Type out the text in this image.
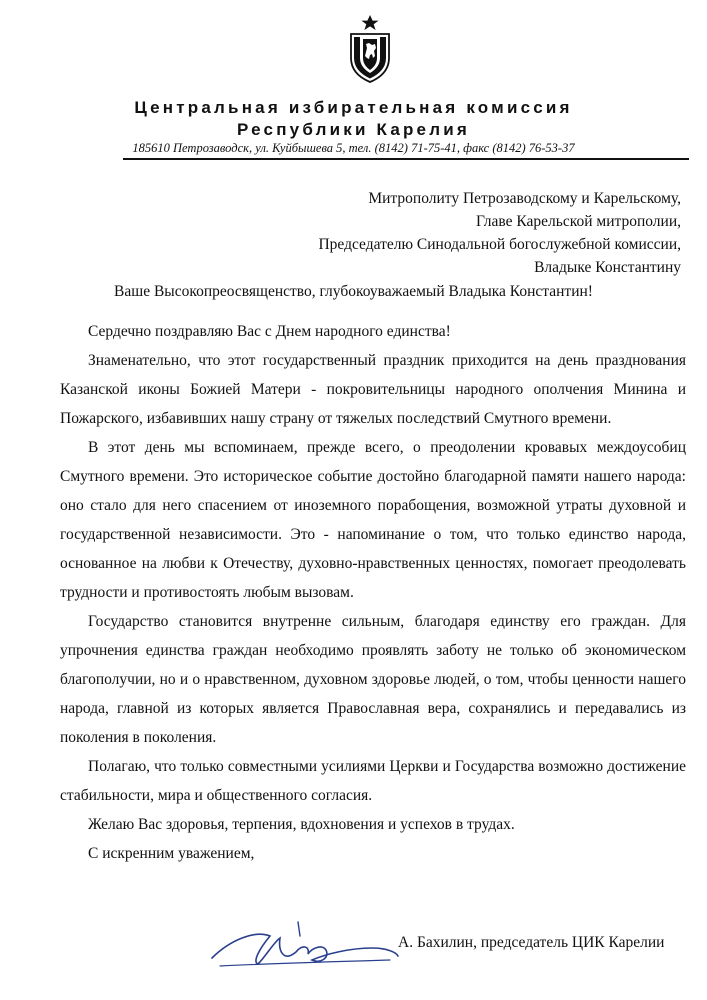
Центральная избирательная комиссия
Республики Карелия
185610 Петрозаводск, ул. Куйбышева 5, тел. (8142) 71-75-41, факс (8142) 76-53-37
Митрополиту Петрозаводскому и Карельскому,
Главе Карельской митрополии,
Председателю Синодальной богослужебной комиссии,
Владыке Константину
Ваше Высокопреосвященство, глубокоуважаемый Владыка Константин!

Сердечно поздравляю Вас с Днем народного единства!

Знаменательно, что этот государственный праздник приходится на день празднования Казанской иконы Божией Матери - покровительницы народного ополчения Минина и Пожарского, избавивших нашу страну от тяжелых последствий Смутного времени.

В этот день мы вспоминаем, прежде всего, о преодолении кровавых междоусобиц Смутного времени. Это историческое событие достойно благодарной памяти нашего народа: оно стало для него спасением от иноземного порабощения, возможной утраты духовной и государственной независимости. Это - напоминание о том, что только единство народа, основанное на любви к Отечеству, духовно-нравственных ценностях, помогает преодолевать трудности и противостоять любым вызовам.

Государство становится внутренне сильным, благодаря единству его граждан. Для упрочнения единства граждан необходимо проявлять заботу не только об экономическом благополучии, но и о нравственном, духовном здоровье людей, о том, чтобы ценности нашего народа, главной из которых является Православная вера, сохранялись и передавались из поколения в поколения.

Полагаю, что только совместными усилиями Церкви и Государства возможно достижение стабильности, мира и общественного согласия.

Желаю Вас здоровья, терпения, вдохновения и успехов в трудах.

С искренним уважением,

А. Бахилин, председатель ЦИК Карелии
